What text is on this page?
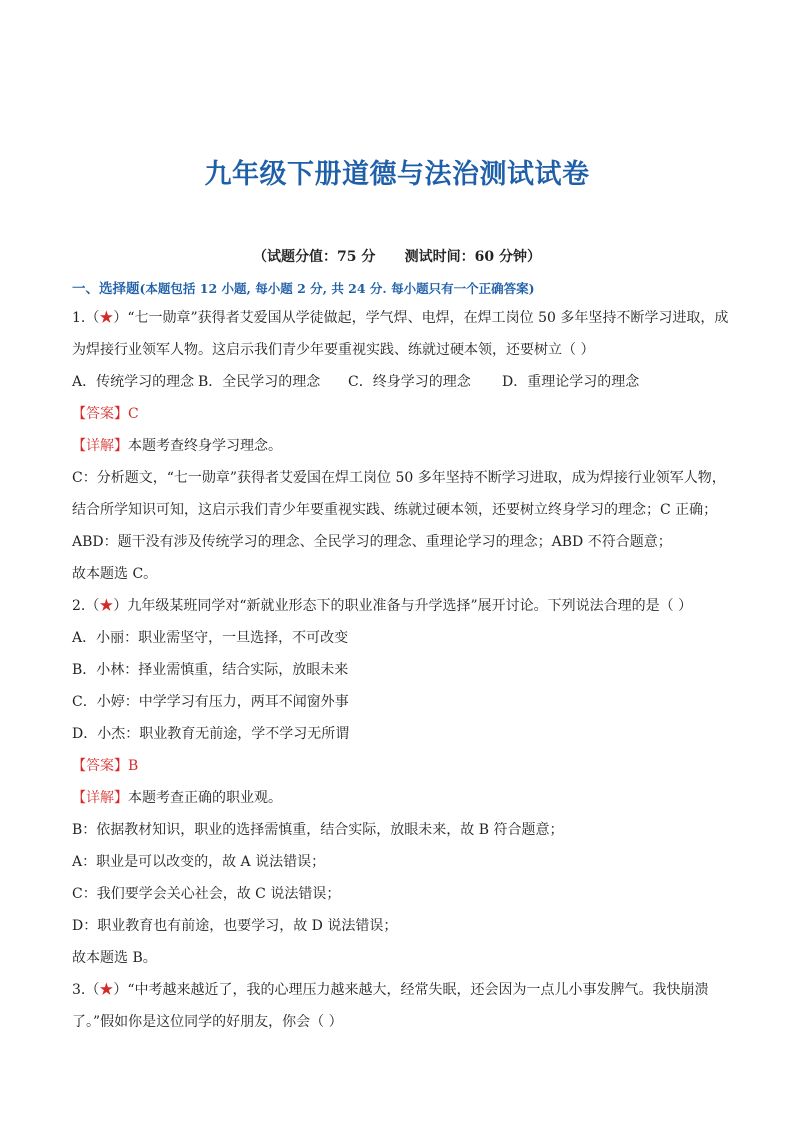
九年级下册道德与法治测试试卷
（试题分值：75 分      测试时间：60 分钟）
一、选择题(本题包括 12 小题, 每小题 2 分, 共 24 分. 每小题只有一个正确答案)
1.（★）“七一勋章”获得者艾爱国从学徒做起，学气焊、电焊，在焊工岗位 50 多年坚持不断学习进取，成
为焊接行业领军人物。这启示我们青少年要重视实践、练就过硬本领，还要树立（ ）
A．传统学习的理念 B．全民学习的理念 C．终身学习的理念 D．重理论学习的理念
【答案】C
【详解】本题考查终身学习理念。
C：分析题文，“七一勋章”获得者艾爱国在焊工岗位 50 多年坚持不断学习进取，成为焊接行业领军人物，
结合所学知识可知，这启示我们青少年要重视实践、练就过硬本领，还要树立终身学习的理念；C 正确；
ABD：题干没有涉及传统学习的理念、全民学习的理念、重理论学习的理念；ABD 不符合题意；
故本题选 C。
2.（★）九年级某班同学对“新就业形态下的职业准备与升学选择”展开讨论。下列说法合理的是（ ）
A．小丽：职业需坚守，一旦选择，不可改变
B．小林：择业需慎重，结合实际，放眼未来
C．小婷：中学学习有压力，两耳不闻窗外事
D．小杰：职业教育无前途，学不学习无所谓
【答案】B
【详解】本题考查正确的职业观。
B：依据教材知识，职业的选择需慎重，结合实际，放眼未来，故 B 符合题意；
A：职业是可以改变的，故 A 说法错误；
C：我们要学会关心社会，故 C 说法错误；
D：职业教育也有前途，也要学习，故 D 说法错误；
故本题选 B。
3.（★）“中考越来越近了，我的心理压力越来越大，经常失眠，还会因为一点儿小事发脾气。我快崩溃
了。”假如你是这位同学的好朋友，你会（ ）
